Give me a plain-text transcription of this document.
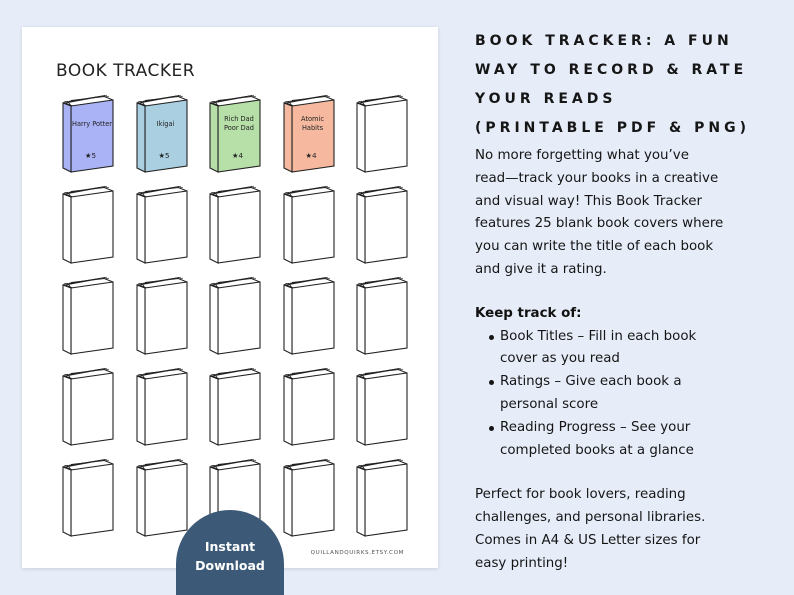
BOOK TRACKER
Harry Potter
★5
Ikigai
★5
Rich Dad
Poor Dad
★4
Atomic
Habits
★4
QUILLANDQUIRKS.ETSY.COM
Instant
Download
BOOK TRACKER: A FUN
WAY TO RECORD & RATE
YOUR READS
(PRINTABLE PDF & PNG)
No more forgetting what you’ve
read—track your books in a creative
and visual way! This Book Tracker
features 25 blank book covers where
you can write the title of each book
and give it a rating.
Keep track of:
Book Titles – Fill in each book
cover as you read
Ratings – Give each book a
personal score
Reading Progress – See your
completed books at a glance
Perfect for book lovers, reading
challenges, and personal libraries.
Comes in A4 & US Letter sizes for
easy printing!
